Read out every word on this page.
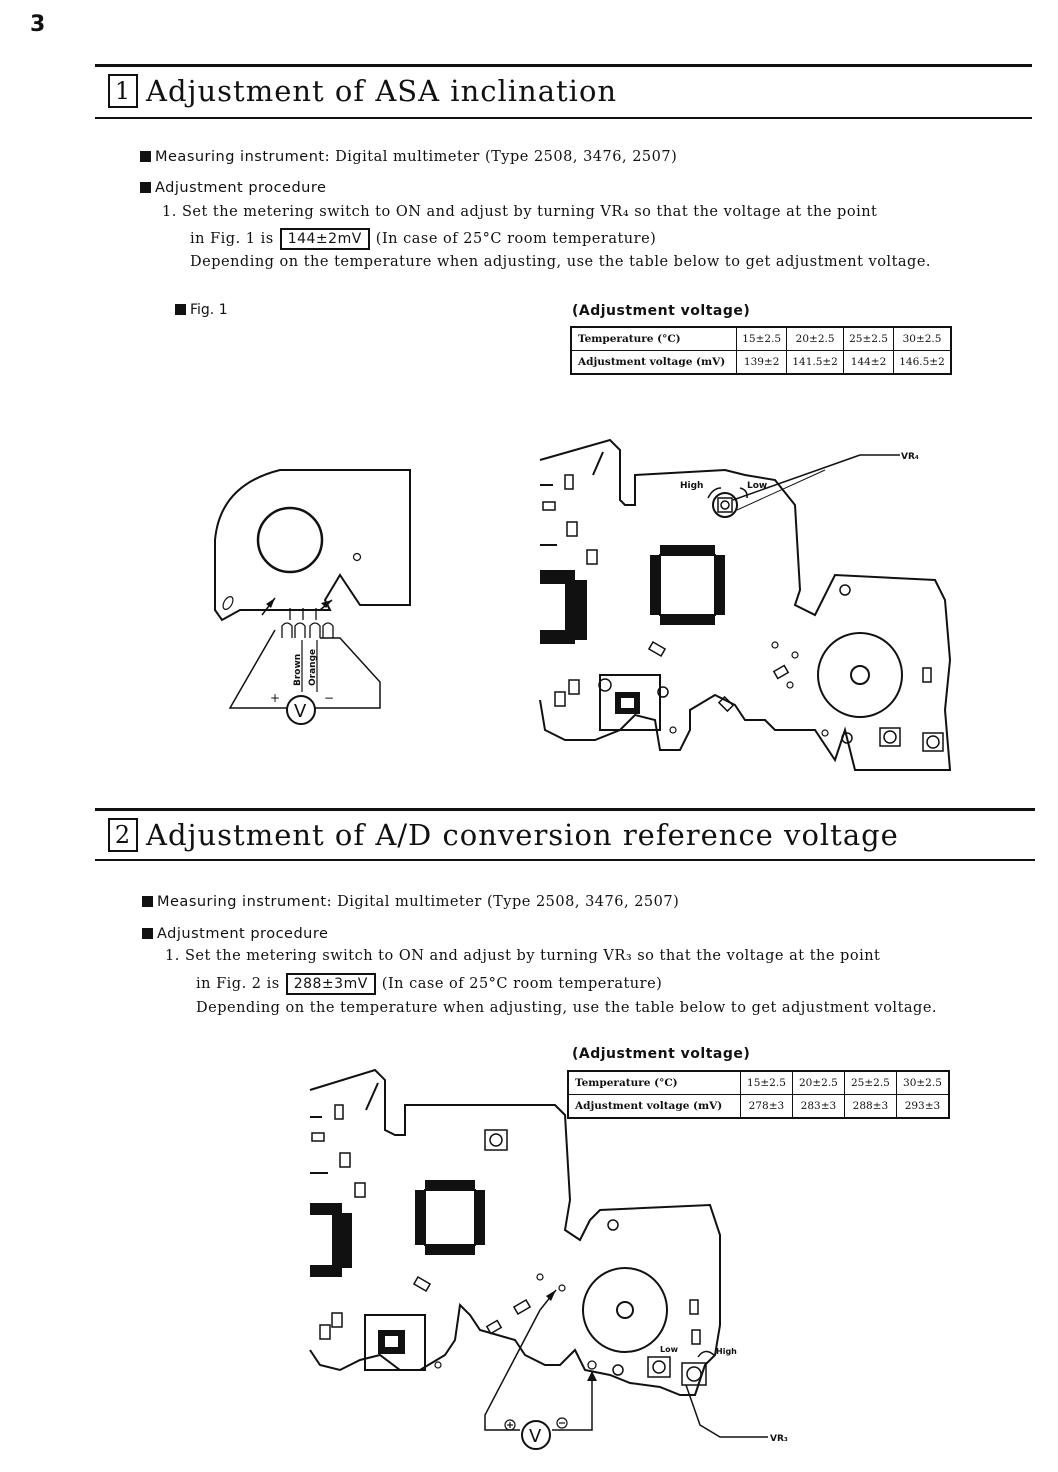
3
1 Adjustment of ASA inclination
Measuring instrument: Digital multimeter (Type 2508, 3476, 2507)
Adjustment procedure
1. Set the metering switch to ON and adjust by turning VR₄ so that the voltage at the point
in Fig. 1 is 144±2mV (In case of 25°C room temperature)
Depending on the temperature when adjusting, use the table below to get adjustment voltage.
Fig. 1	(Adjustment voltage)
Temperature (°C)	15±2.5	20±2.5	25±2.5	30±2.5
Adjustment voltage (mV)	139±2	141.5±2	144±2	146.5±2
Brown Orange
V
+	−
High	Low
VR₄
2 Adjustment of A/D conversion reference voltage
Measuring instrument: Digital multimeter (Type 2508, 3476, 2507)
Adjustment procedure
1. Set the metering switch to ON and adjust by turning VR₃ so that the voltage at the point
in Fig. 2 is 288±3mV (In case of 25°C room temperature)
Depending on the temperature when adjusting, use the table below to get adjustment voltage.
(Adjustment voltage)
Temperature (°C)	15±2.5	20±2.5	25±2.5	30±2.5
Adjustment voltage (mV)	278±3	283±3	288±3	293±3
Low	High
VR₃
V
